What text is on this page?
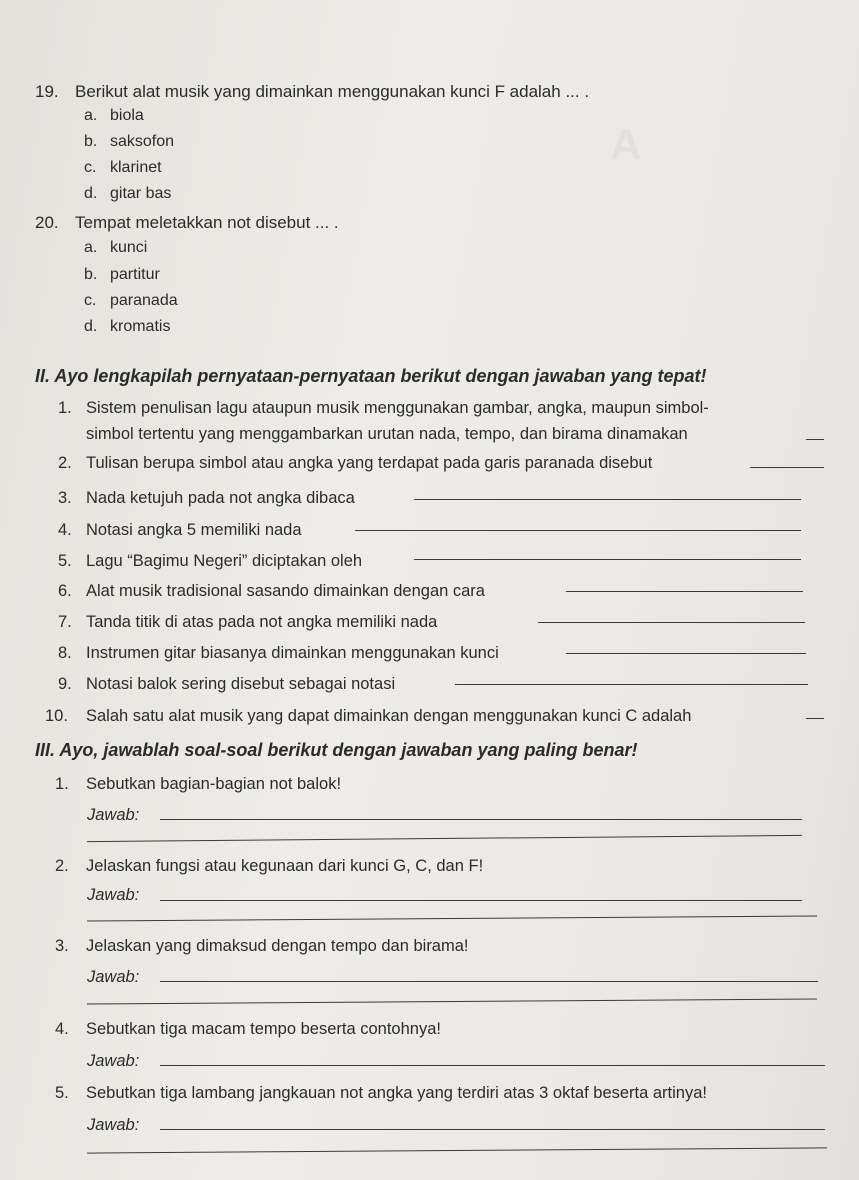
A
19. Berikut alat musik yang dimainkan menggunakan kunci F adalah ... .
a. biola
b. saksofon
c. klarinet
d. gitar bas
20. Tempat meletakkan not disebut ... .
a. kunci
b. partitur
c. paranada
d. kromatis
II. Ayo lengkapilah pernyataan-pernyataan berikut dengan jawaban yang tepat!
1. Sistem penulisan lagu ataupun musik menggunakan gambar, angka, maupun simbol-
simbol tertentu yang menggambarkan urutan nada, tempo, dan birama dinamakan
2. Tulisan berupa simbol atau angka yang terdapat pada garis paranada disebut
3. Nada ketujuh pada not angka dibaca
4. Notasi angka 5 memiliki nada
5. Lagu “Bagimu Negeri” diciptakan oleh
6. Alat musik tradisional sasando dimainkan dengan cara
7. Tanda titik di atas pada not angka memiliki nada
8. Instrumen gitar biasanya dimainkan menggunakan kunci
9. Notasi balok sering disebut sebagai notasi
10. Salah satu alat musik yang dapat dimainkan dengan menggunakan kunci C adalah
III. Ayo, jawablah soal-soal berikut dengan jawaban yang paling benar!
1. Sebutkan bagian-bagian not balok!
Jawab:
2. Jelaskan fungsi atau kegunaan dari kunci G, C, dan F!
Jawab:
3. Jelaskan yang dimaksud dengan tempo dan birama!
Jawab:
4. Sebutkan tiga macam tempo beserta contohnya!
Jawab:
5. Sebutkan tiga lambang jangkauan not angka yang terdiri atas 3 oktaf beserta artinya!
Jawab:
